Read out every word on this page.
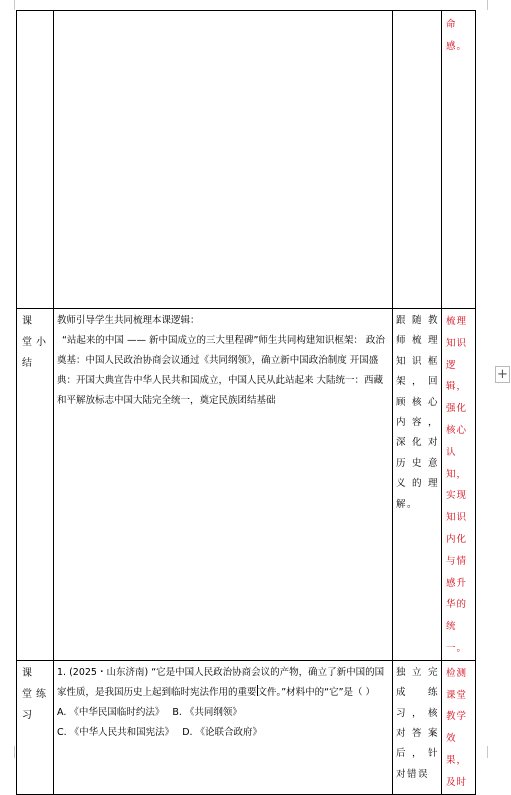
			命感。

课 堂小结	教师引导学生共同梳理本课逻辑：

“站起来的中国 —— 新中国成立的三大里程碑”师生共同构建知识框架： 政治奠基：中国人民政治协商会议通过《共同纲领》，确立新中国政治制度 开国盛典：开国大典宣告中华人民共和国成立，中国人民从此站起来 大陆统一：西藏和平解放标志中国大陆完全统一，奠定民族团结基础	跟随教师梳理知识框架，回顾核心内容，深化对历史意义的理解。	梳理知识逻辑，强化核心认知，实现知识内化与情感升华的统一。

课 堂练习	1. (2025・山东济南) “它是中国人民政治协商会议的产物，确立了新中国的国家性质，是我国历史上起到临时宪法作用的重要文件。”材料中的“它”是（ ）

A. 《中华民国临时约法》 B. 《共同纲领》

C. 《中华人民共和国宪法》 D. 《论联合政府》	独立完成练习，核对答案后，针对错误	检测课堂教学效果，及时
+
